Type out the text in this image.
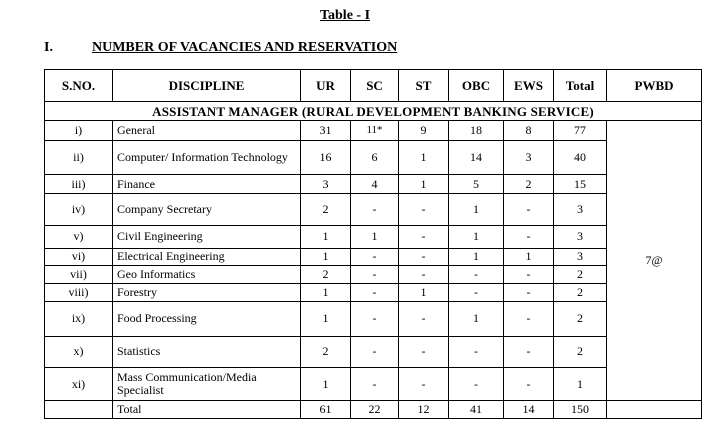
Table - I
I.	NUMBER OF VACANCIES AND RESERVATION
S.NO.	DISCIPLINE	UR	SC	ST	OBC	EWS	Total	PWBD
ASSISTANT MANAGER (RURAL DEVELOPMENT BANKING SERVICE)								
i)	General	31	11*	9	18	8	77	7@
ii)	Computer/ Information Technology	16	6	1	14	3	40	
iii)	Finance	3	4	1	5	2	15	
iv)	Company Secretary	2	-	-	1	-	3	
v)	Civil Engineering	1	1	-	1	-	3	
vi)	Electrical Engineering	1	-	-	1	1	3	
vii)	Geo Informatics	2	-	-	-	-	2	
viii)	Forestry	1	-	1	-	-	2	
ix)	Food Processing	1	-	-	1	-	2	
x)	Statistics	2	-	-	-	-	2	
xi)	Mass Communication/Media Specialist	1	-	-	-	-	1	
	Total	61	22	12	41	14	150	
